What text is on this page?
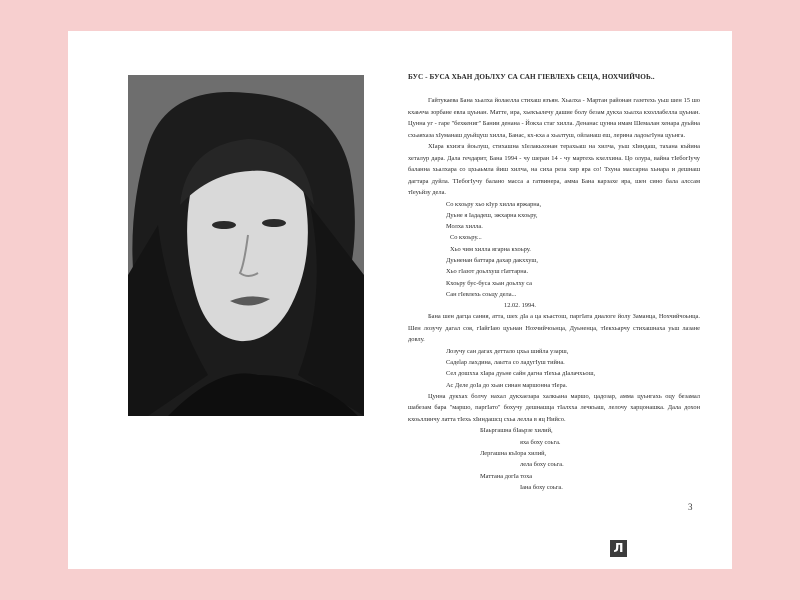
БУС - БУСА ХЬАН ДОЬЛХУ СА САН ГIЕВЛЕХЬ СЕЦА, НОХЧИЙЧОЬ..

Гайтукаева Бана хьалха йолаелла стихаш язъян. Хьалха - Мартан районан газетехь уьш шен 15 шо кхаьчча зорбане евла цуьнан. Матте, ира, хьекъалечу дашие болу безам дукха хьалха кхоллабелла цуьнан. Цунна уг - гаре "бехкениг" Бании денана - Йокха стаг хилла. Денанас цунна имам Шемалан хенара дуьйна схьаяхаза хIуманаш дуьйцуш хилла, Банас, кх-кха а хьалтуш, ойланаш еш, лерина ладоьгIуна цуьнга.

ХIара кхиэга йоьлуш, стихашна хIелакьхонан терахьаш на хилча, уьш хIиндаш, тахана къйина хеталур дара. Дала гечдарит, Бана 1994 - чу шеран 14 - чу мартехь кхелхина. Цо олура, вайна тIебогIучу баланна хьалхара со цхьаьмла йиш хилча, на сиха реза хир яра со! Тхуна массарна хьнара и дешнаш дагтара дуйла. ТIебогIучу балано масса а гатвинера, амма Бана карзахе яра, шен сино бала алссам тIеуьйзу дела.

Со кхоьру хьо кIур хилла яржарна,
Дуьне я Iададеш, эжхарна кхоьру,
Молха хилла.
Со кхоьру...
Хьо чим хилла ягарна кхоьру.
Дуьненан баттара дахар дакххуш,
Хьо гIазот доьлхуш гIаттарна.
Кхоьру бус-буса хьан доьлху са
Сан гIевлехь соьцу дела...
12.02. 1994.

Бана шен дагца сания, атта, шех дIа а ца къастош, паргIата диалоге йолу Заманца, Нохчийчоьнца. Шен лозучу дагал соя, гIайгIаю цуьнан Нохчийчоьнца, Дуьненца, тIекхьарчу стихашнаха уьш лазане довлу.

Лозучу сан дагах деттало цхьа шийла узарш,
Садеlар лахдина, лаьтта со ладугIуш тийна.
Сел дошхха хIара дуьне сайн дагна тIехьа дIалачхьош,
Ас Деле доIа до хьан синан маршонна тIера.

Цунна дукхах болчу нахал дукхаезара халкьана маршо, цадозар, амма цуьнгахь оцу безамал шабезам бара "маршо, паргIато" бохучу дешнашца тIалхха лечкъаш, лелочу харцонашка. Дала дохон кхоьллинчу латта тIехь хIиндашсц схьа лелла в яц Нийсо.

БIаьргашна бIаьрзе хилий,
яха боху соьга.
Лергашна къIора хилий,
лела боху соьга.
Маттана догIа тоха
Iана боху соьга.
3
Л
